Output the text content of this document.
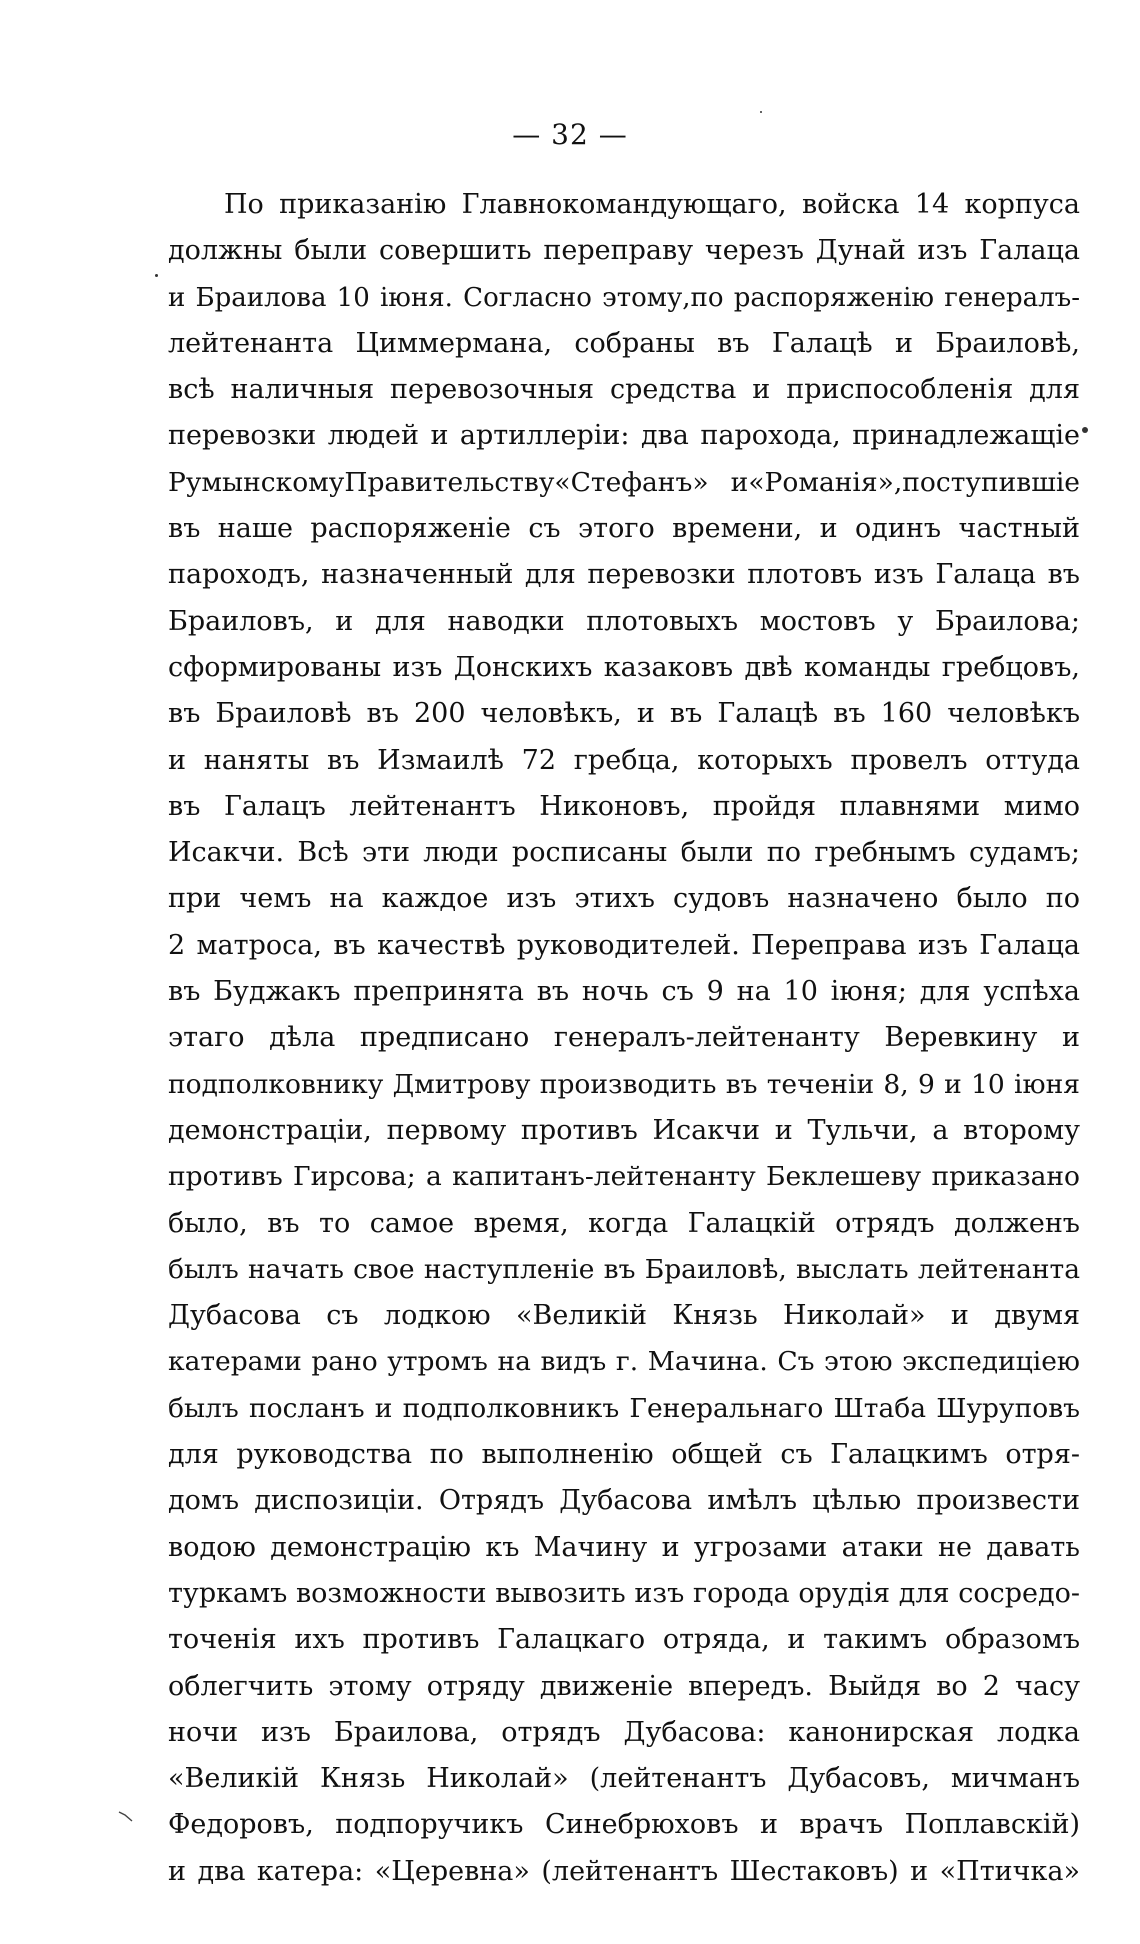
— 32 —
По приказанію Главнокомандующаго, войска 14 корпуса
должны были совершить переправу черезъ Дунай изъ Галаца
и Браилова 10 іюня. Согласно этому,по распоряженію генералъ-
лейтенанта Циммермана, собраны въ Галацѣ и Браиловѣ,
всѣ наличныя перевозочныя средства и приспособленія для
перевозки людей и артиллеріи: два парохода, принадлежащіе
РумынскомуПравительству«Стефанъ» и«Романія»,поступившіе
въ наше распоряженіе съ этого времени, и одинъ частный
пароходъ, назначенный для перевозки плотовъ изъ Галаца въ
Браиловъ, и для наводки плотовыхъ мостовъ у Браилова;
сформированы изъ Донскихъ казаковъ двѣ команды гребцовъ,
въ Браиловѣ въ 200 человѣкъ, и въ Галацѣ въ 160 человѣкъ
и наняты въ Измаилѣ 72 гребца, которыхъ провелъ оттуда
въ Галацъ лейтенантъ Никоновъ, пройдя плавнями мимо
Исакчи. Всѣ эти люди росписаны были по гребнымъ судамъ;
при чемъ на каждое изъ этихъ судовъ назначено было по
2 матроса, въ качествѣ руководителей. Переправа изъ Галаца
въ Буджакъ препринята въ ночь съ 9 на 10 іюня; для успѣха
этаго дѣла предписано генералъ-лейтенанту Веревкину и
подполковнику Дмитрову производить въ теченіи 8, 9 и 10 іюня
демонстраціи, первому противъ Исакчи и Тульчи, а второму
противъ Гирсова; а капитанъ-лейтенанту Беклешеву приказано
было, въ то самое время, когда Галацкій отрядъ долженъ
былъ начать свое наступленіе въ Браиловѣ, выслать лейтенанта
Дубасова съ лодкою «Великій Князь Николай» и двумя
катерами рано утромъ на видъ г. Мачина. Съ этою экспедиціею
былъ посланъ и подполковникъ Генеральнаго Штаба Шуруповъ
для руководства по выполненію общей съ Галацкимъ отря-
домъ диспозиціи. Отрядъ Дубасова имѣлъ цѣлью произвести
водою демонстрацію къ Мачину и угрозами атаки не давать
туркамъ возможности вывозить изъ города орудія для сосредо-
точенія ихъ противъ Галацкаго отряда, и такимъ образомъ
облегчить этому отряду движеніе впередъ. Выйдя во 2 часу
ночи изъ Браилова, отрядъ Дубасова: канонирская лодка
«Великій Князь Николай» (лейтенантъ Дубасовъ, мичманъ
Федоровъ, подпоручикъ Синебрюховъ и врачъ Поплавскій)
и два катера: «Церевна» (лейтенантъ Шестаковъ) и «Птичка»
